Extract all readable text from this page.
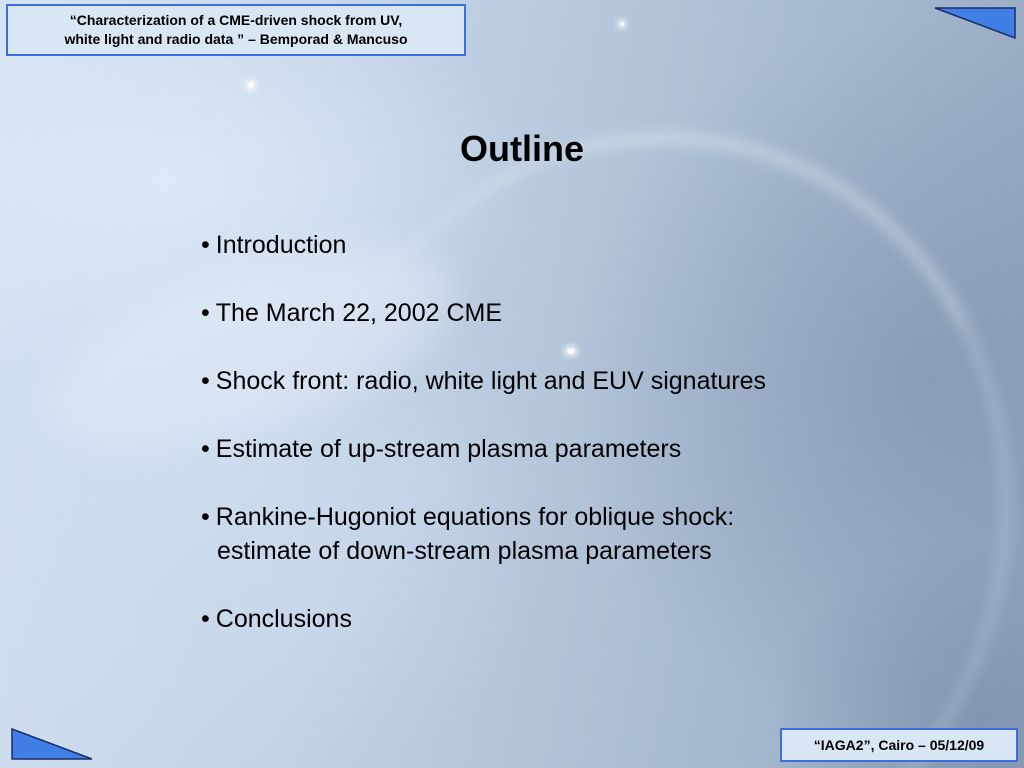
“Characterization of a CME-driven shock from UV,
white light and radio data ” – Bemporad & Mancuso
Outline
• Introduction
• The March 22, 2002 CME
• Shock front: radio, white light and EUV signatures
• Estimate of up-stream plasma parameters
• Rankine-Hugoniot equations for oblique shock:
estimate of down-stream plasma parameters
• Conclusions
“IAGA2”, Cairo – 05/12/09
